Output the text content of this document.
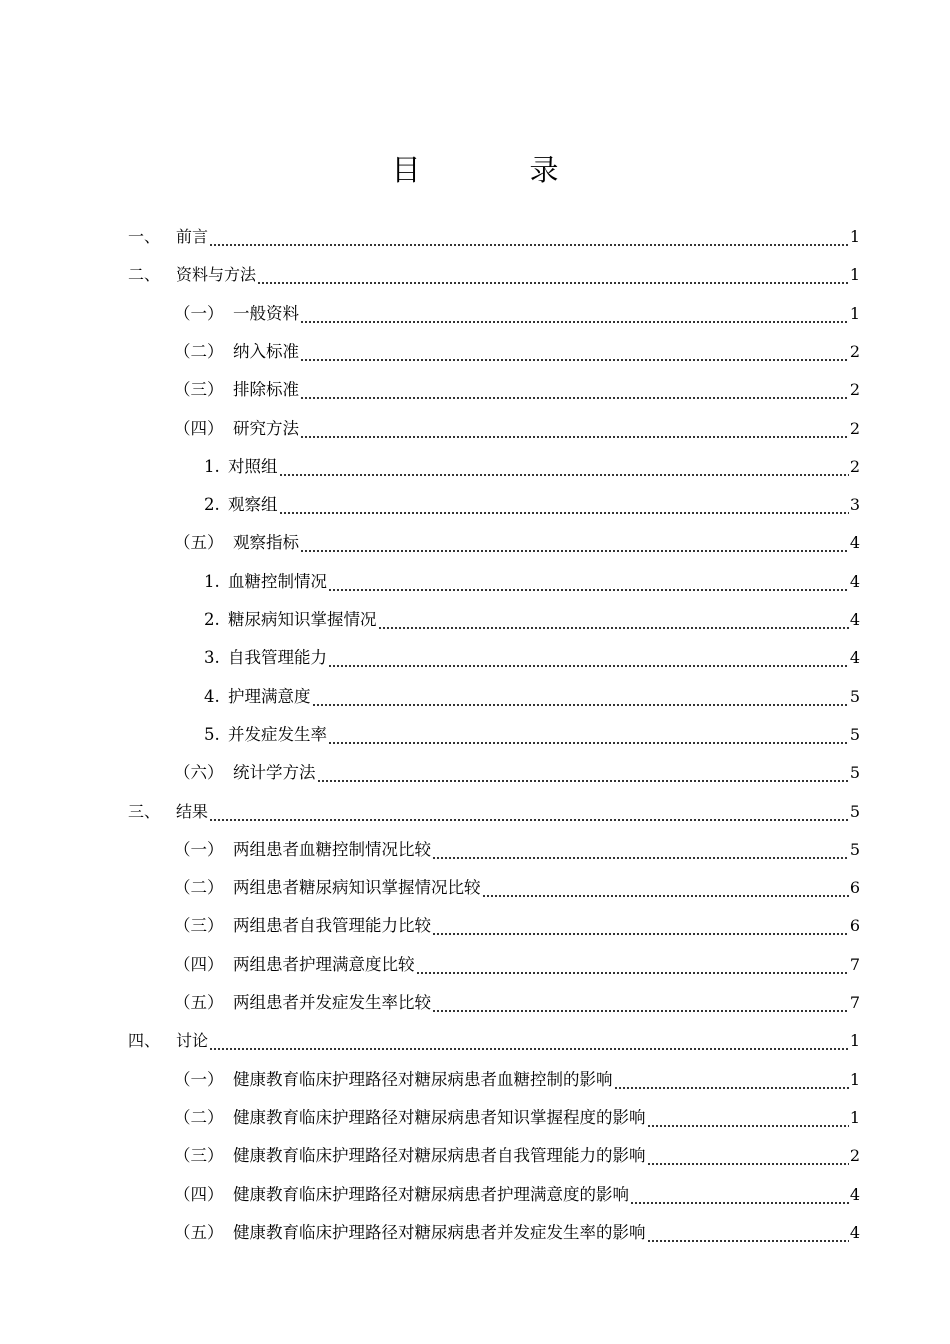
目　录
一、 前言	1
二、 资料与方法	1
（一） 一般资料	1
（二） 纳入标准	2
（三） 排除标准	2
（四） 研究方法	2
1. 对照组	2
2. 观察组	3
（五） 观察指标	4
1. 血糖控制情况	4
2. 糖尿病知识掌握情况	4
3. 自我管理能力	4
4. 护理满意度	5
5. 并发症发生率	5
（六） 统计学方法	5
三、 结果	5
（一） 两组患者血糖控制情况比较	5
（二） 两组患者糖尿病知识掌握情况比较	6
（三） 两组患者自我管理能力比较	6
（四） 两组患者护理满意度比较	7
（五） 两组患者并发症发生率比较	7
四、 讨论	1
（一） 健康教育临床护理路径对糖尿病患者血糖控制的影响	1
（二） 健康教育临床护理路径对糖尿病患者知识掌握程度的影响	1
（三） 健康教育临床护理路径对糖尿病患者自我管理能力的影响	2
（四） 健康教育临床护理路径对糖尿病患者护理满意度的影响	4
（五） 健康教育临床护理路径对糖尿病患者并发症发生率的影响	4
